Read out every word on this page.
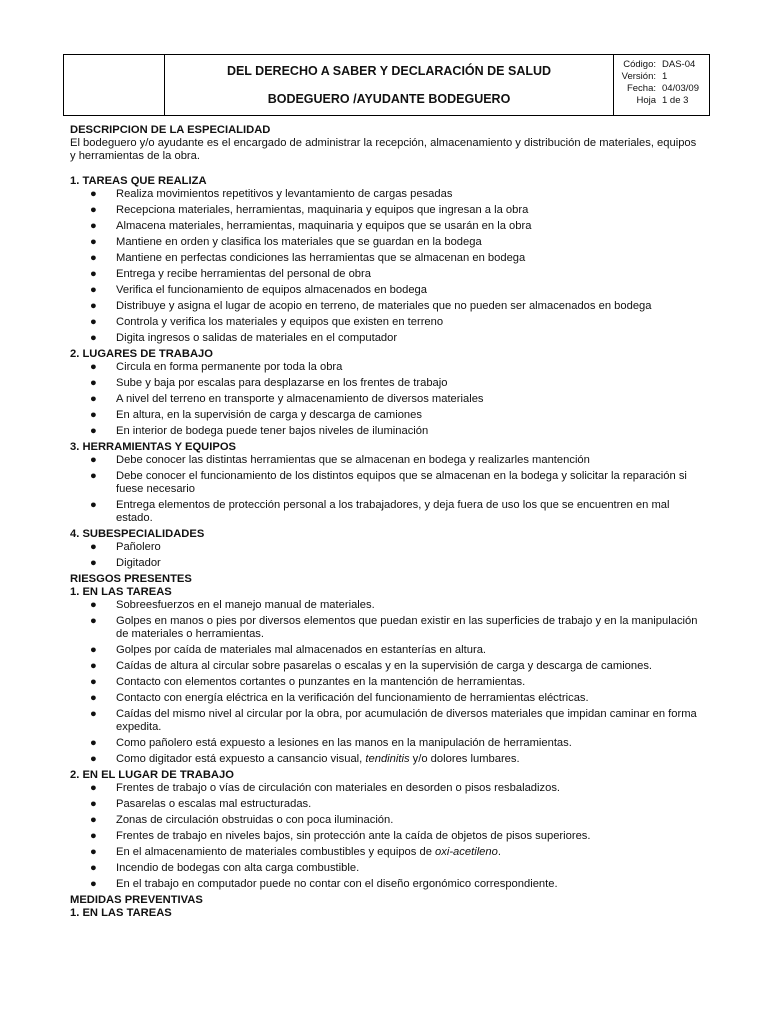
DEL DERECHO A SABER Y DECLARACIÓN DE SALUD
BODEGUERO /AYUDANTE BODEGUERO
Código: DAS-04
Versión: 1
Fecha: 04/03/09
Hoja 1 de 3

DESCRIPCION DE LA ESPECIALIDAD

El bodeguero y/o ayudante es el encargado de administrar la recepción, almacenamiento y distribución de materiales, equipos y herramientas de la obra.

1. TAREAS QUE REALIZA

● Realiza movimientos repetitivos y levantamiento de cargas pesadas
● Recepciona materiales, herramientas, maquinaria y equipos que ingresan a la obra
● Almacena materiales, herramientas, maquinaria y equipos que se usarán en la obra
● Mantiene en orden y clasifica los materiales que se guardan en la bodega
● Mantiene en perfectas condiciones las herramientas que se almacenan en bodega
● Entrega y recibe herramientas del personal de obra
● Verifica el funcionamiento de equipos almacenados en bodega
● Distribuye y asigna el lugar de acopio en terreno, de materiales que no pueden ser almacenados en bodega
● Controla y verifica los materiales y equipos que existen en terreno
● Digita ingresos o salidas de materiales en el computador

2. LUGARES DE TRABAJO

● Circula en forma permanente por toda la obra
● Sube y baja por escalas para desplazarse en los frentes de trabajo
● A nivel del terreno en transporte y almacenamiento de diversos materiales
● En altura, en la supervisión de carga y descarga de camiones
● En interior de bodega puede tener bajos niveles de iluminación

3. HERRAMIENTAS Y EQUIPOS

● Debe conocer las distintas herramientas que se almacenan en bodega y realizarles mantención
● Debe conocer el funcionamiento de los distintos equipos que se almacenan en la bodega y solicitar la reparación si fuese necesario
● Entrega elementos de protección personal a los trabajadores, y deja fuera de uso los que se encuentren en mal estado.

4. SUBESPECIALIDADES

● Pañolero
● Digitador

RIESGOS PRESENTES

1. EN LAS TAREAS

● Sobreesfuerzos en el manejo manual de materiales.
● Golpes en manos o pies por diversos elementos que puedan existir en las superficies de trabajo y en la manipulación de materiales o herramientas.
● Golpes por caída de materiales mal almacenados en estanterías en altura.
● Caídas de altura al circular sobre pasarelas o escalas y en la supervisión de carga y descarga de camiones.
● Contacto con elementos cortantes o punzantes en la mantención de herramientas.
● Contacto con energía eléctrica en la verificación del funcionamiento de herramientas eléctricas.
● Caídas del mismo nivel al circular por la obra, por acumulación de diversos materiales que impidan caminar en forma expedita.
● Como pañolero está expuesto a lesiones en las manos en la manipulación de herramientas.
● Como digitador está expuesto a cansancio visual, tendinitis y/o dolores lumbares.

2. EN EL LUGAR DE TRABAJO

● Frentes de trabajo o vías de circulación con materiales en desorden o pisos resbaladizos.
● Pasarelas o escalas mal estructuradas.
● Zonas de circulación obstruidas o con poca iluminación.
● Frentes de trabajo en niveles bajos, sin protección ante la caída de objetos de pisos superiores.
● En el almacenamiento de materiales combustibles y equipos de oxi-acetileno.
● Incendio de bodegas con alta carga combustible.
● En el trabajo en computador puede no contar con el diseño ergonómico correspondiente.

MEDIDAS PREVENTIVAS

1. EN LAS TAREAS
